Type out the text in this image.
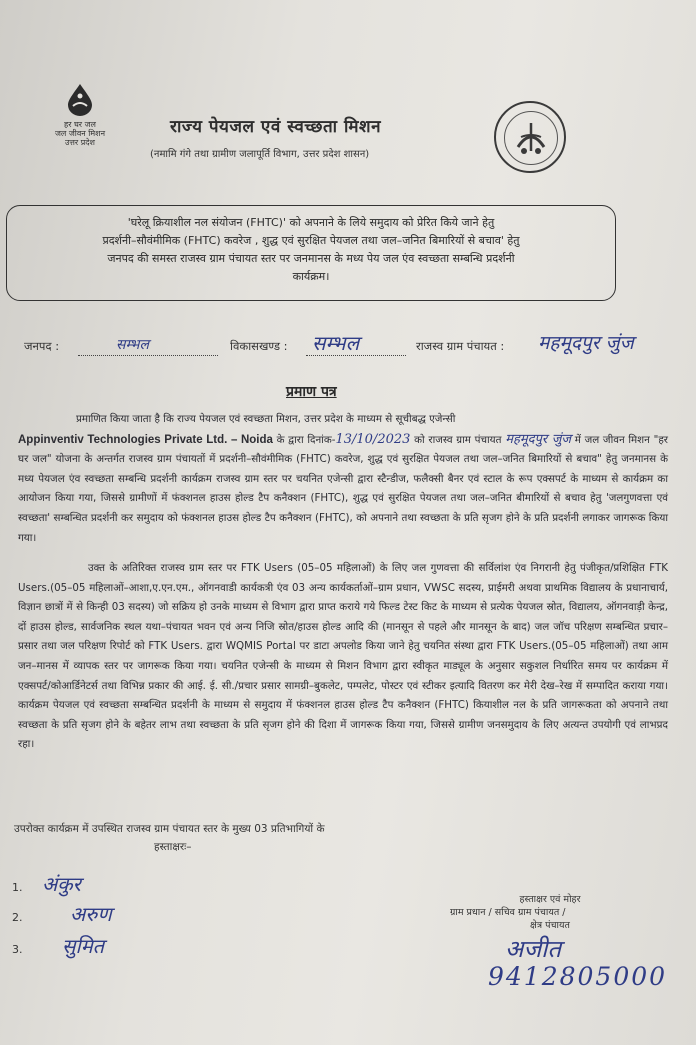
हर घर जल
जल जीवन मिशन
उत्तर प्रदेश
राज्य पेयजल एवं स्वच्छता मिशन
(नमामि गंगे तथा ग्रामीण जलापूर्ति विभाग, उत्तर प्रदेश शासन)
'घरेलू क्रियाशील नल संयोजन (FHTC)' को अपनाने के लिये समुदाय को प्रेरित किये जाने हेतु
प्रदर्शनी–सौवंमीमिक (FHTC) कवरेज , शुद्ध एवं सुरक्षित पेयजल तथा जल–जनित बिमारियों से बचाव' हेतु
जनपद की समस्त राजस्व ग्राम पंचायत स्तर पर जनमानस के मध्य पेय जल एंव स्वच्छता सम्बन्धि प्रदर्शनी
कार्यक्रम।
जनपद :	सम्भल	विकासखण्ड : सम्भल	राजस्व ग्राम पंचायत : महमूदपुर जुंज
प्रमाण पत्र
प्रमाणित किया जाता है कि राज्य पेयजल एवं स्वच्छता मिशन, उत्तर प्रदेश के माध्यम से सूचीबद्ध एजेन्सी
Appinventiv Technologies Private Ltd. – Noida के द्वारा दिनांक-13/10/2023 को राजस्व ग्राम पंचायत महमूदपुर जुंज में जल जीवन मिशन "हर घर जल" योजना के अन्तर्गत राजस्व ग्राम पंचायतों में प्रदर्शनी–सौवंमीमिक (FHTC) कवरेज, शुद्ध एवं सुरक्षित पेयजल तथा जल–जनित बिमारियों से बचाव" हेतु जनमानस के मध्य पेयजल एंव स्वच्छता सम्बन्धि प्रदर्शनी कार्यक्रम राजस्व ग्राम स्तर पर चयनित एजेन्सी द्वारा स्टैन्डीज, फलैक्सी बैनर एवं स्टाल के रूप एक्सपर्ट के माध्यम से कार्यक्रम का आयोजन किया गया, जिससे ग्रामीणों में फंक्शनल हाउस होल्ड टैप कनैक्शन (FHTC), शुद्ध एवं सुरक्षित पेयजल तथा जल–जनित बीमारियों से बचाव हेतु 'जलगुणवत्ता एवं स्वच्छता' सम्बन्धित प्रदर्शनी कर समुदाय को फंक्शनल हाउस होल्ड टैप कनैक्शन (FHTC), को अपनाने तथा स्वच्छता के प्रति सृजग होने के प्रति प्रदर्शनी लगाकर जागरूक किया गया।
उक्त के अतिरिक्त राजस्व ग्राम स्तर पर FTK Users (05–05 महिलाओं) के लिए जल गुणवत्ता की सर्विलांश एंव निगरानी हेतु पंजीकृत/प्रशिक्षित FTK Users.(05–05 महिलाओं–आशा,ए.एन.एम., ऑगनवाडी कार्यकत्री एंव 03 अन्य कार्यकर्ताओं–ग्राम प्रधान, VWSC सदस्य, प्राईमरी अथवा प्राथमिक विद्यालय के प्रधानाचार्य, विज्ञान छात्रों में से किन्ही 03 सदस्य) जो सक्रिय हो उनके माध्यम से विभाग द्वारा प्राप्त कराये गये फिल्ड टेस्ट किट के माध्यम से प्रत्येक पेयजल स्रोत, विद्यालय, ऑगनवाड़ी केन्द्र, दों हाउस होल्ड, सार्वजनिक स्थल यथा–पंचायत भवन एवं अन्य निजि स्रोत/हाउस होल्ड आदि की (मानसून से पहले और मानसून के बाद) जल जॉच परिक्षण सम्बन्धित प्रचार–प्रसार तथा जल परिक्षण रिपोर्ट को FTK Users. द्वारा WQMIS Portal पर डाटा अपलोड किया जाने हेतु चयनित संस्था द्वारा FTK Users.(05–05 महिलाओं) तथा आम जन–मानस में व्यापक स्तर पर जागरूक किया गया। चयनित एजेन्सी के माध्यम से मिशन विभाग द्वारा स्वीकृत माड्यूल के अनुसार सकुशल निर्धारित समय पर कार्यक्रम में एक्सपर्ट/कोआर्डिनेटर्स तथा विभिन्न प्रकार की आई. ई. सी./प्रचार प्रसार सामग्री–बुकलेट, पम्पलेट, पोस्टर एवं स्टीकर इत्यादि वितरण कर मेरी देख–रेख में सम्पादित कराया गया। कार्यक्रम पेयजल एवं स्वच्छता सम्बन्धित प्रदर्शनी के माध्यम से समुदाय में फंक्शनल हाउस होल्ड टैप कनैक्शन (FHTC) कियाशील नल के प्रति जागरूकता को अपनाने तथा स्वच्छता के प्रति सृजग होने के बहेतर लाभ तथा स्वच्छता के प्रति सृजग होने की दिशा में जागरूक किया गया, जिससे ग्रामीण जनसमुदाय के लिए अत्यन्त उपयोगी एवं लाभप्रद रहा।
उपरोक्त कार्यक्रम में उपस्थित राजस्व ग्राम पंचायत स्तर के मुख्य 03 प्रतिभागियों के
हस्ताक्षरः–
1. अंकुर
2. अरुण
3. सुमित
हस्ताक्षर एवं मोहर
ग्राम प्रधान / सचिव ग्राम पंचायत /
क्षेत्र पंचायत
अजीत
9412805000
